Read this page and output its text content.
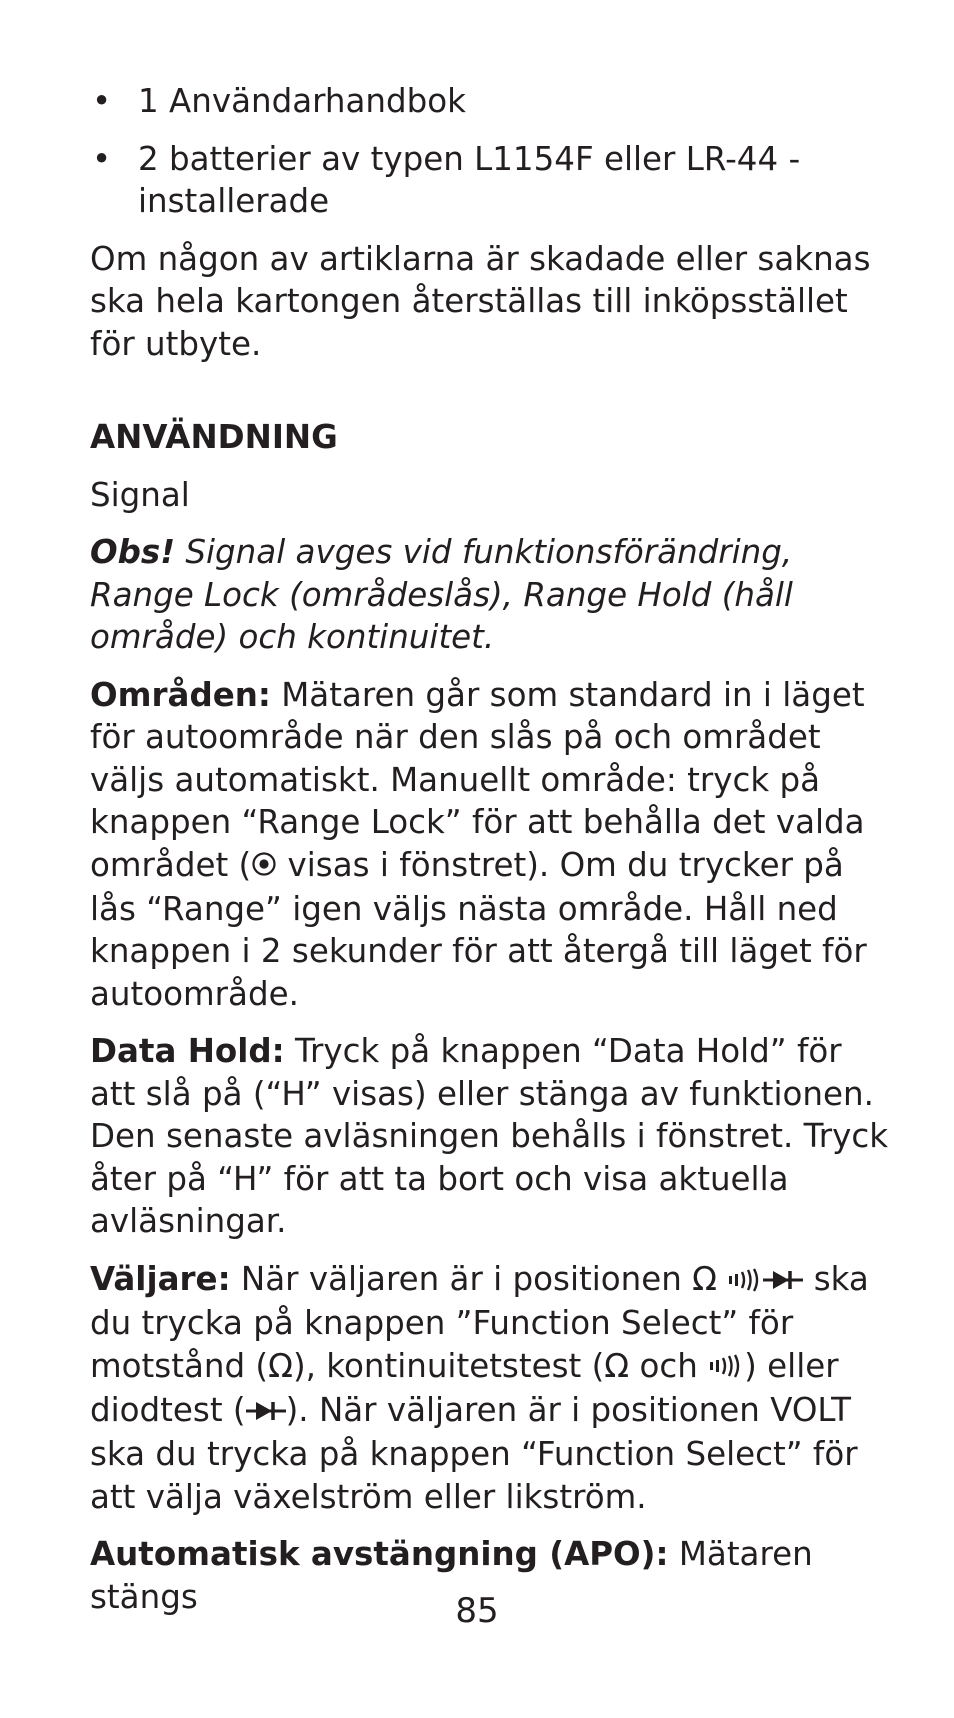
• 1 Användarhandbok
• 2 batterier av typen L1154F eller LR-44 - installerade

Om någon av artiklarna är skadade eller saknas ska hela kartongen återställas till inköpsstället för utbyte.

ANVÄNDNING

Signal

Obs! Signal avges vid funktionsförändring, Range Lock (områdeslås), Range Hold (håll område) och kontinuitet.

Områden: Mätaren går som standard in i läget för autoområde när den slås på och området väljs automatiskt. Manuellt område: tryck på knappen “Range Lock” för att behålla det valda området ( visas i fönstret). Om du trycker på lås “Range” igen väljs nästa område. Håll ned knappen i 2 sekunder för att återgå till läget för autoområde.

Data Hold: Tryck på knappen “Data Hold” för att slå på (“H” visas) eller stänga av funktionen. Den senaste avläsningen behålls i fönstret. Tryck åter på “H” för att ta bort och visa aktuella avläsningar.

Väljare: När väljaren är i positionen Ω	ska du trycka på knappen ”Function Select” för motstånd (Ω), kontinuitetstest (Ω och ) eller diodtest ( ). När väljaren är i positionen VOLT ska du trycka på knappen “Function Select” för att välja växelström eller likström.

Automatisk avstängning (APO): Mätaren stängs	85
